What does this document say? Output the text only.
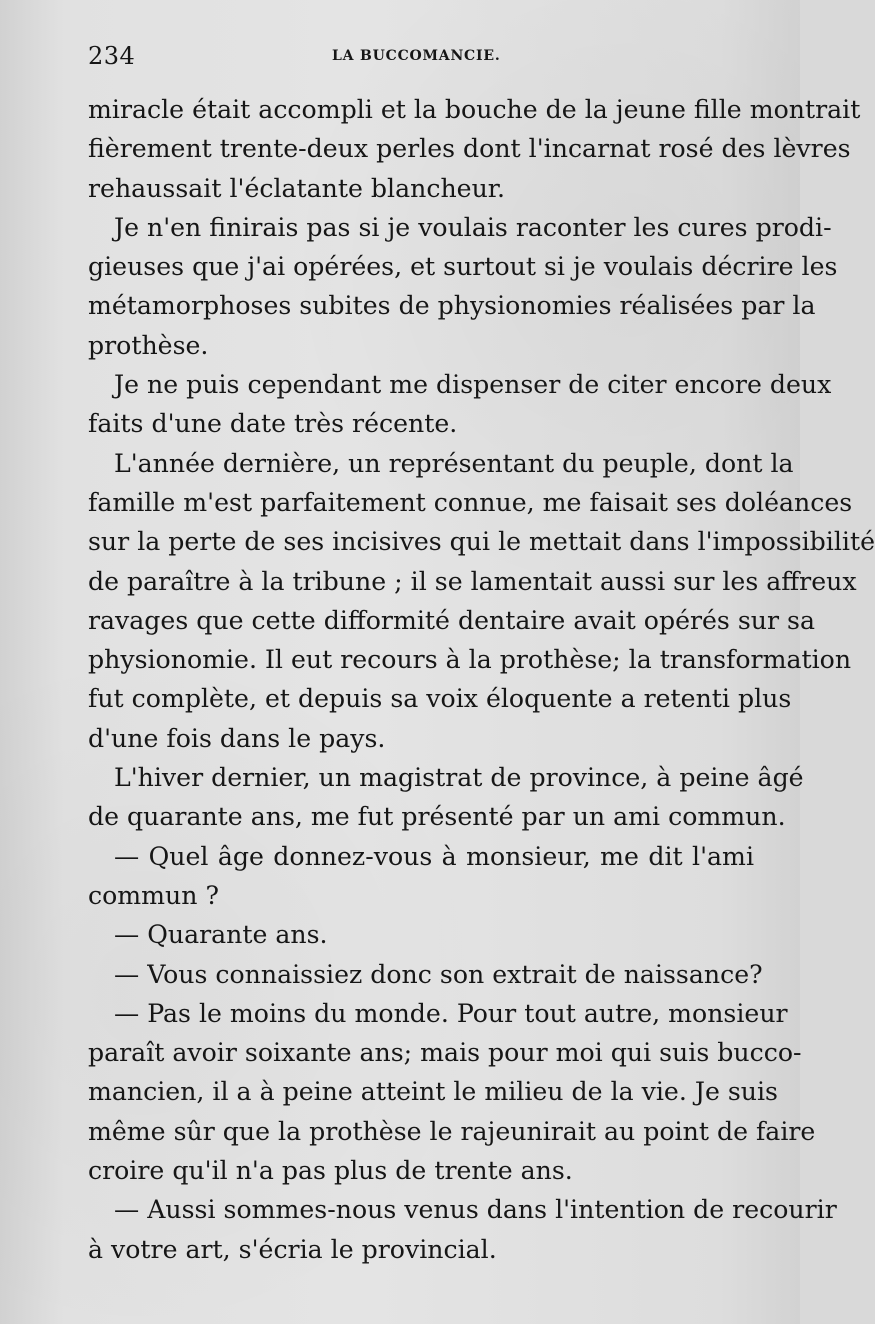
234	LA BUCCOMANCIE.
miracle était accompli et la bouche de la jeune fille montrait
fièrement trente-deux perles dont l'incarnat rosé des lèvres
rehaussait l'éclatante blancheur.
Je n'en finirais pas si je voulais raconter les cures prodi-
gieuses que j'ai opérées, et surtout si je voulais décrire les
métamorphoses subites de physionomies réalisées par la
prothèse.
Je ne puis cependant me dispenser de citer encore deux
faits d'une date très récente.
L'année dernière, un représentant du peuple, dont la
famille m'est parfaitement connue, me faisait ses doléances
sur la perte de ses incisives qui le mettait dans l'impossibilité
de paraître à la tribune ; il se lamentait aussi sur les affreux
ravages que cette difformité dentaire avait opérés sur sa
physionomie. Il eut recours à la prothèse; la transformation
fut complète, et depuis sa voix éloquente a retenti plus
d'une fois dans le pays.
L'hiver dernier, un magistrat de province, à peine âgé
de quarante ans, me fut présenté par un ami commun.
— Quel âge donnez-vous à monsieur, me dit l'ami
commun ?
— Quarante ans.
— Vous connaissiez donc son extrait de naissance?
— Pas le moins du monde. Pour tout autre, monsieur
paraît avoir soixante ans; mais pour moi qui suis bucco-
mancien, il a à peine atteint le milieu de la vie. Je suis
même sûr que la prothèse le rajeunirait au point de faire
croire qu'il n'a pas plus de trente ans.
— Aussi sommes-nous venus dans l'intention de recourir
à votre art, s'écria le provincial.
